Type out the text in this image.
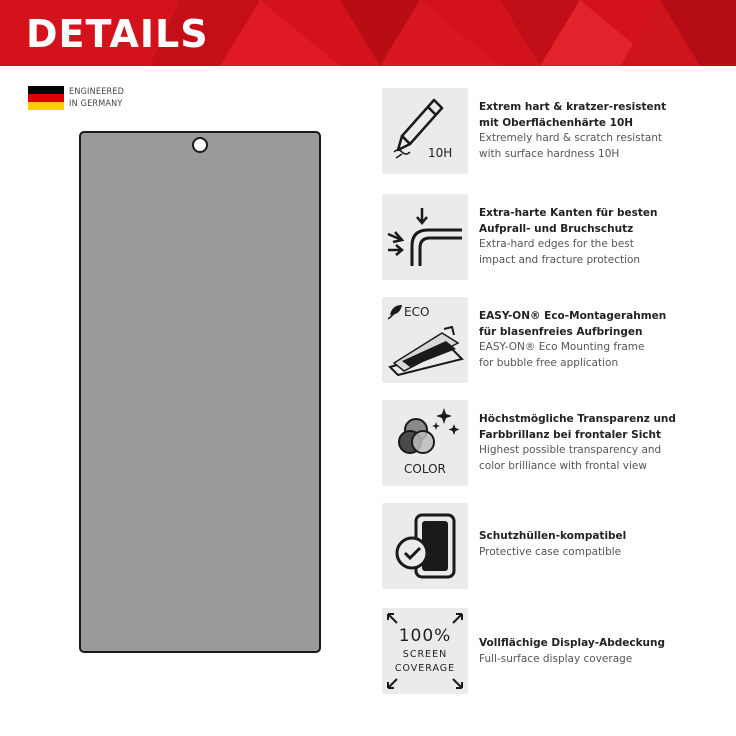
DETAILS
ENGINEERED
IN GERMANY
10H
Extrem hart & kratzer-resistent
mit Oberflächenhärte 10H
Extremely hard & scratch resistant
with surface hardness 10H
Extra-harte Kanten für besten
Aufprall- und Bruchschutz
Extra-hard edges for the best
impact and fracture protection
ECO	EASY-ON® Eco-Montagerahmen
für blasenfreies Aufbringen
EASY-ON® Eco Mounting frame
for bubble free application
COLOR
Höchstmögliche Transparenz und
Farbbrillanz bei frontaler Sicht
Highest possible transparency and
color brilliance with frontal view
Schutzhüllen-kompatibel
Protective case compatible
100%
SCREEN
COVERAGE
Vollflächige Display-Abdeckung
Full-surface display coverage
